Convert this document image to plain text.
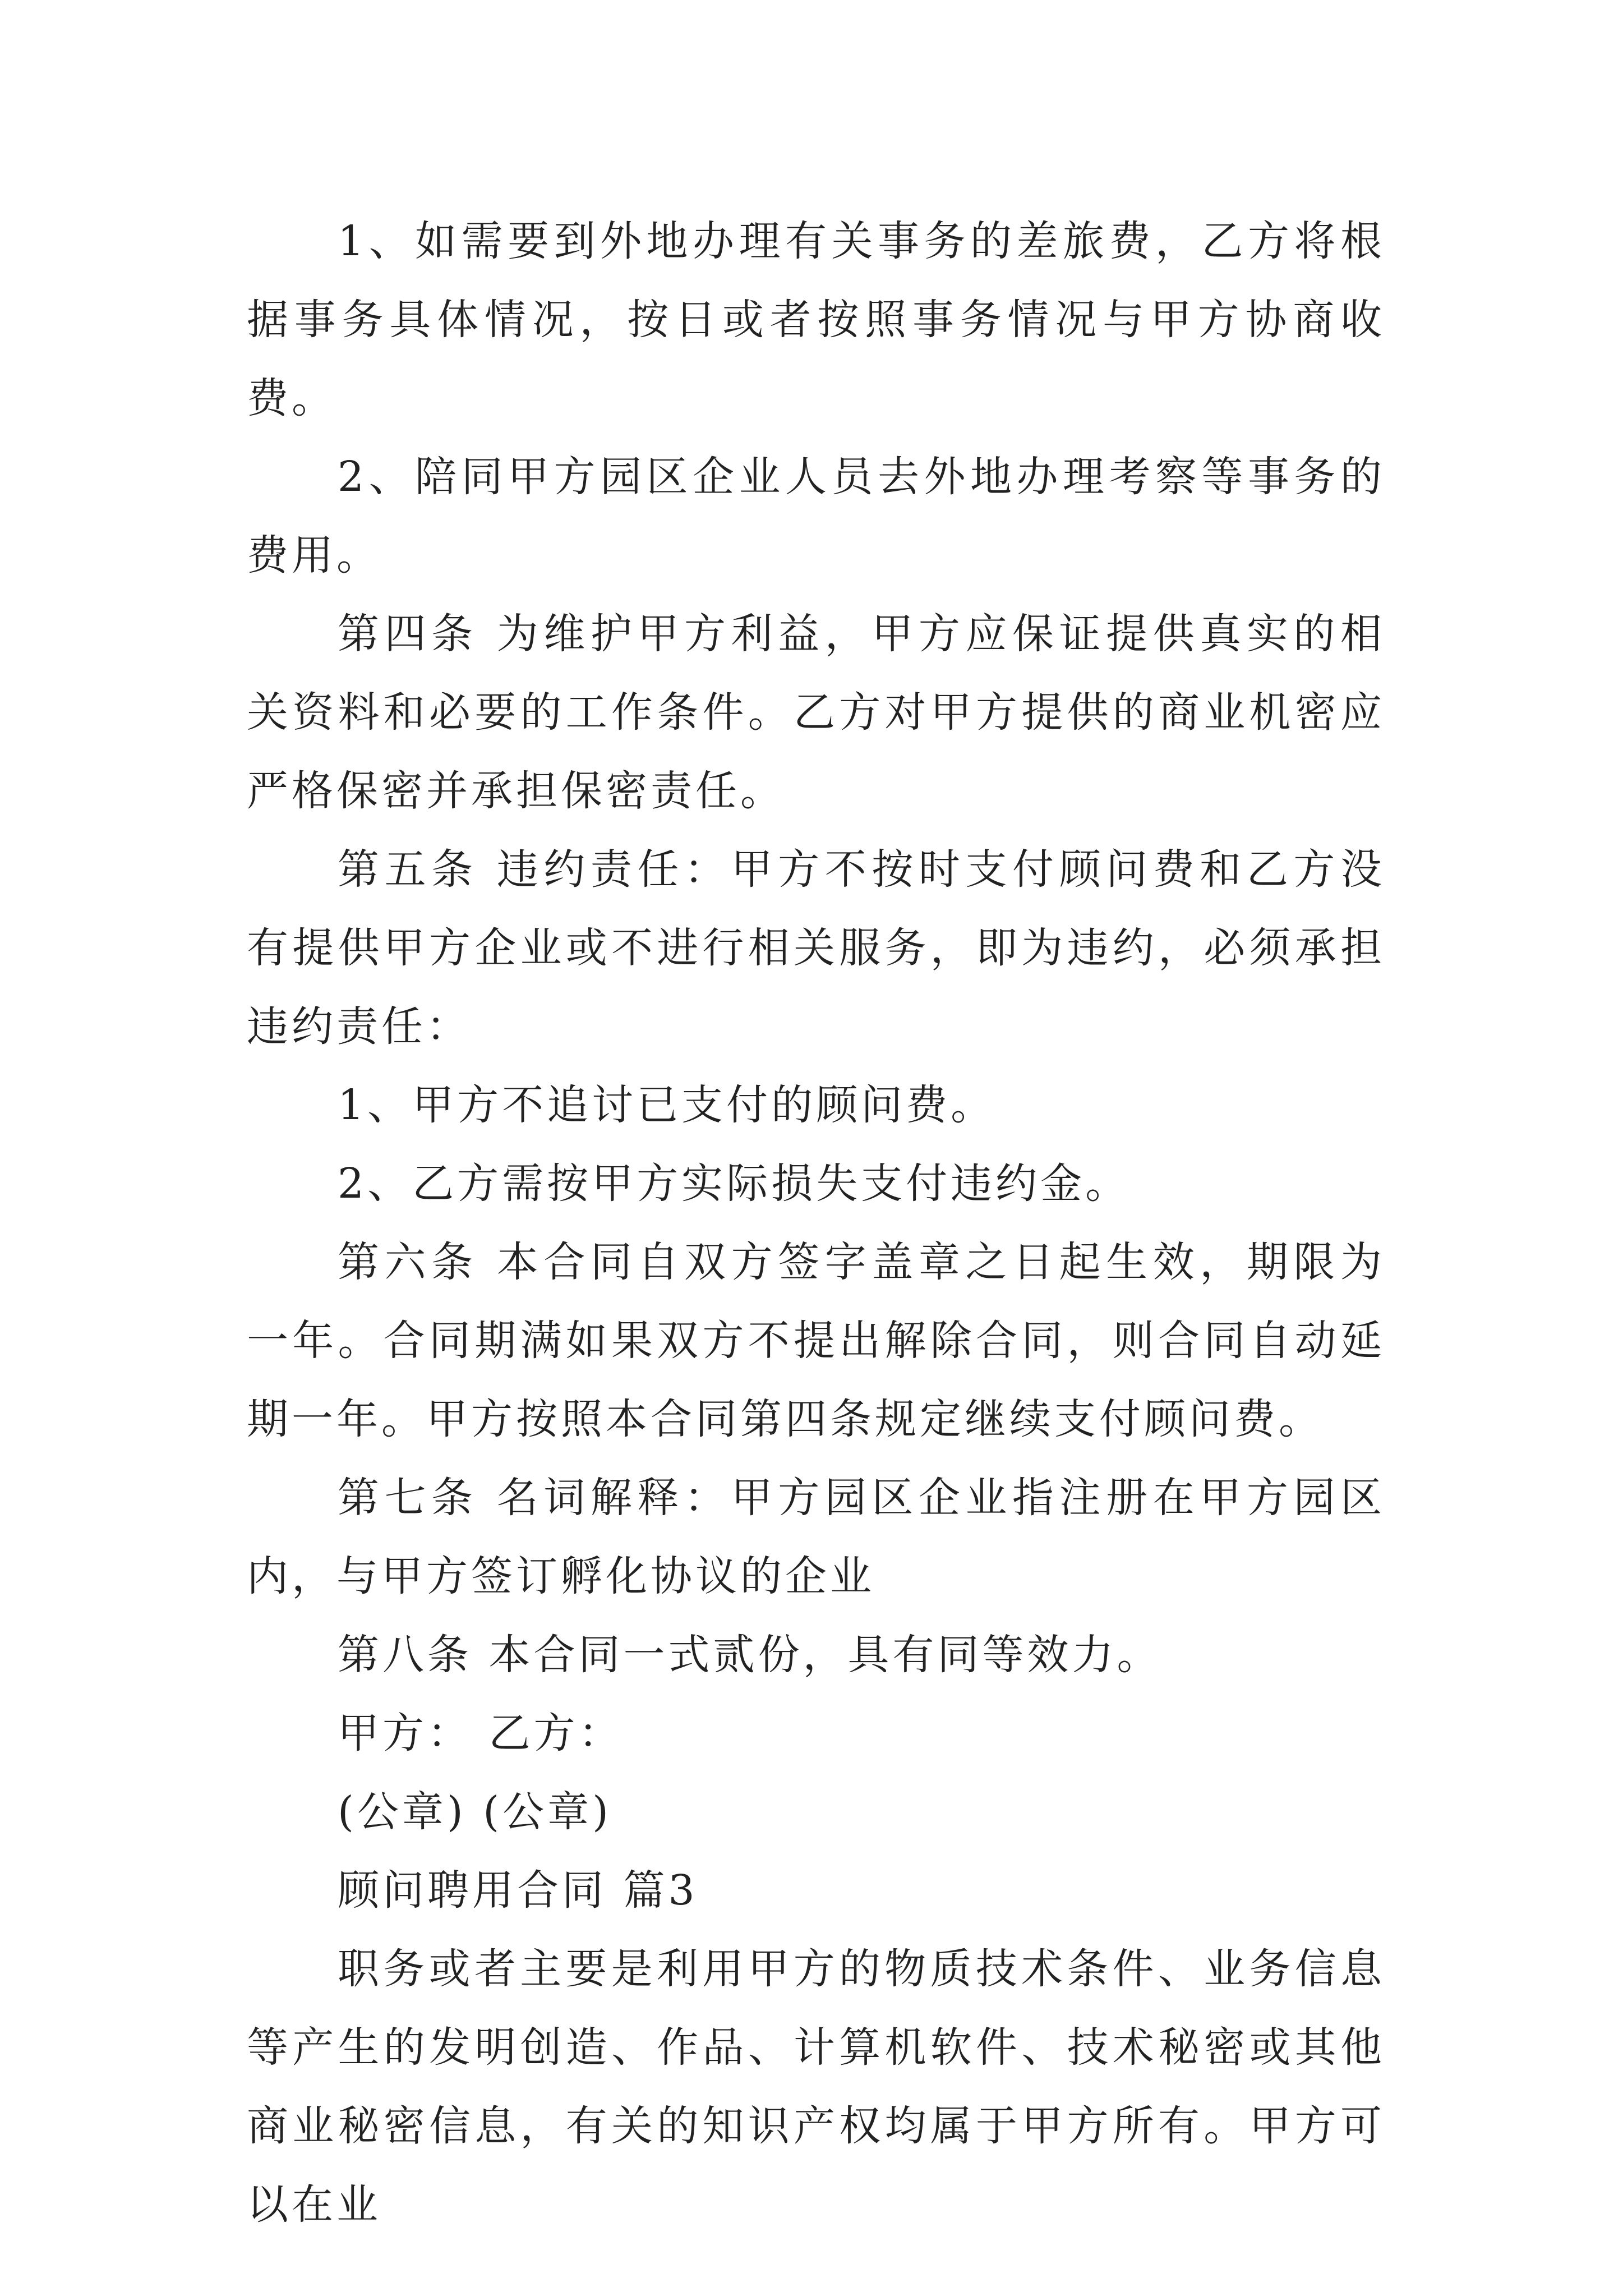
1、如需要到外地办理有关事务的差旅费，乙方将根据事务具体情况，按日或者按照事务情况与甲方协商收费。

2、陪同甲方园区企业人员去外地办理考察等事务的费用。

第四条 为维护甲方利益，甲方应保证提供真实的相关资料和必要的工作条件。乙方对甲方提供的商业机密应严格保密并承担保密责任。

第五条 违约责任：甲方不按时支付顾问费和乙方没有提供甲方企业或不进行相关服务，即为违约，必须承担违约责任：

1、甲方不追讨已支付的顾问费。

2、乙方需按甲方实际损失支付违约金。

第六条 本合同自双方签字盖章之日起生效，期限为一年。合同期满如果双方不提出解除合同，则合同自动延期一年。甲方按照本合同第四条规定继续支付顾问费。

第七条 名词解释：甲方园区企业指注册在甲方园区内，与甲方签订孵化协议的企业

第八条 本合同一式贰份，具有同等效力。

甲方： 乙方：

(公章) (公章)

顾问聘用合同 篇3

职务或者主要是利用甲方的物质技术条件、业务信息等产生的发明创造、作品、计算机软件、技术秘密或其他商业秘密信息，有关的知识产权均属于甲方所有。甲方可以在业
